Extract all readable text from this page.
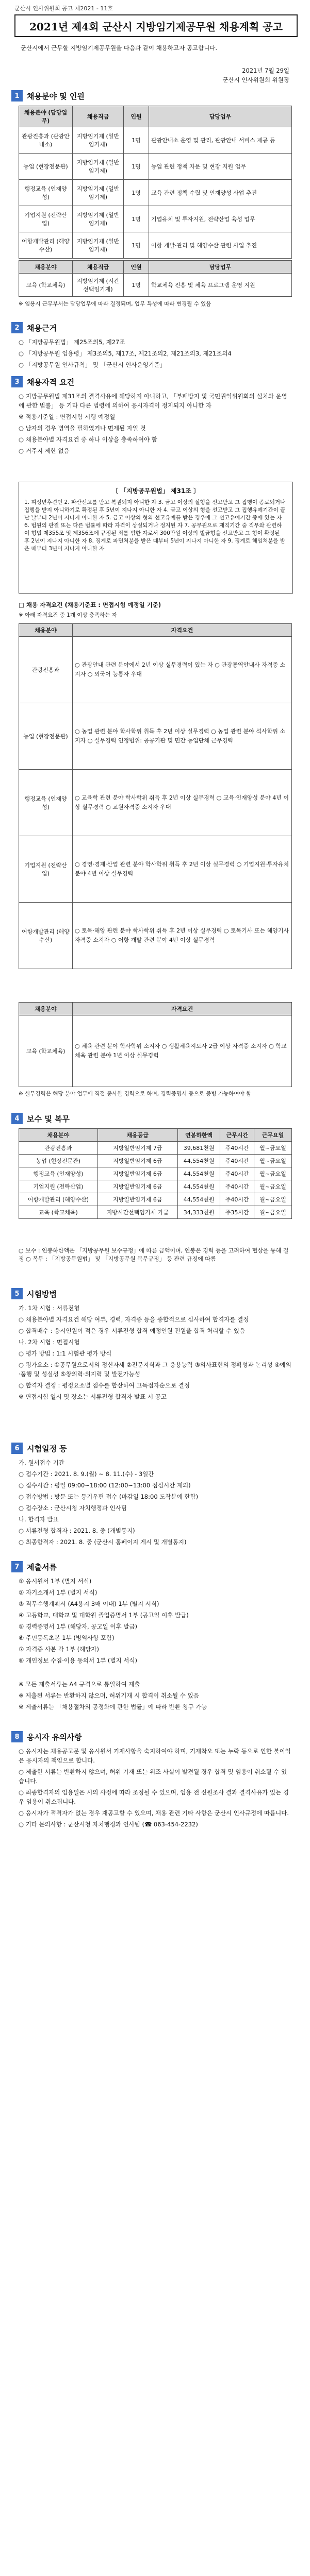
군산시 인사위원회 공고 제2021 - 11호
2021년 제4회 군산시 지방임기제공무원 채용계획 공고
군산시에서 근무할 지방임기제공무원을 다음과 같이 채용하고자 공고합니다.
2021년 7월 29일
군산시 인사위원회 위원장
1 채용분야 및 인원
채용분야 (담당업무)	채용직급	인원	담당업무
관광진흥과 (관광안내소)	지방임기제 (일반임기제)	1명	관광안내소 운영 및 관리, 관광안내 서비스 제공 등
농업 (현장전문관)	지방임기제 (일반임기제)	1명	농업 관련 정책 자문 및 현장 지원 업무
행정교육 (인재양성)	지방임기제 (일반임기제)	1명	교육 관련 정책 수립 및 인재양성 사업 추진
기업지원 (전략산업)	지방임기제 (일반임기제)	1명	기업유치 및 투자지원, 전략산업 육성 업무
어항개발관리 (해양수산)	지방임기제 (일반임기제)	1명	어항 개발·관리 및 해양수산 관련 사업 추진
채용분야	채용직급	인원	담당업무
교육 (학교체육)	지방임기제 (시간선택임기제)	1명	학교체육 진흥 및 체육 프로그램 운영 지원
※ 임용시 근무부서는 담당업무에 따라 결정되며, 업무 특성에 따라 변경될 수 있음
2 채용근거
○ 「지방공무원법」 제25조의5, 제27조
○ 「지방공무원 임용령」 제3조의5, 제17조, 제21조의2, 제21조의3, 제21조의4
○ 「지방공무원 인사규칙」 및 「군산시 인사운영기준」
3 채용자격 요건
○ 지방공무원법 제31조의 결격사유에 해당하지 아니하고, 「부패방지 및 국민권익위원회의 설치와 운영에 관한 법률」 등 기타 다른 법령에 의하여 응시자격이 정지되지 아니한 자
※ 적용기준일 : 면접시험 시행 예정일
○ 남자의 경우 병역을 필하였거나 면제된 자일 것
○ 채용분야별 자격요건 중 하나 이상을 충족하여야 함
○ 거주지 제한 없음
〔 「지방공무원법」 제31조 〕
1. 피성년후견인 2. 파산선고를 받고 복권되지 아니한 자 3. 금고 이상의 실형을 선고받고 그 집행이 종료되거나 집행을 받지 아니하기로 확정된 후 5년이 지나지 아니한 자 4. 금고 이상의 형을 선고받고 그 집행유예기간이 끝난 날부터 2년이 지나지 아니한 자 5. 금고 이상의 형의 선고유예를 받은 경우에 그 선고유예기간 중에 있는 자 6. 법원의 판결 또는 다른 법률에 따라 자격이 상실되거나 정지된 자 7. 공무원으로 재직기간 중 직무와 관련하여 형법 제355조 및 제356조에 규정된 죄를 범한 자로서 300만원 이상의 벌금형을 선고받고 그 형이 확정된 후 2년이 지나지 아니한 자 8. 징계로 파면처분을 받은 때부터 5년이 지나지 아니한 자 9. 징계로 해임처분을 받은 때부터 3년이 지나지 아니한 자
□ 채용 자격요건 (채용기준표 : 면접시험 예정일 기준)
※ 아래 자격요건 중 1개 이상 충족하는 자
채용분야	자격요건
관광진흥과	○ 관광안내 관련 분야에서 2년 이상 실무경력이 있는 자 ○ 관광통역안내사 자격증 소지자 ○ 외국어 능통자 우대
농업 (현장전문관)	○ 농업 관련 분야 학사학위 취득 후 2년 이상 실무경력 ○ 농업 관련 분야 석사학위 소지자 ○ 실무경력 인정범위: 공공기관 및 민간 농업단체 근무경력
행정교육 (인재양성)	○ 교육학 관련 분야 학사학위 취득 후 2년 이상 실무경력 ○ 교육·인재양성 분야 4년 이상 실무경력 ○ 교원자격증 소지자 우대
기업지원 (전략산업)	○ 경영·경제·산업 관련 분야 학사학위 취득 후 2년 이상 실무경력 ○ 기업지원·투자유치 분야 4년 이상 실무경력
어항개발관리 (해양수산)	○ 토목·해양 관련 분야 학사학위 취득 후 2년 이상 실무경력 ○ 토목기사 또는 해양기사 자격증 소지자 ○ 어항 개발 관련 분야 4년 이상 실무경력
채용분야	자격요건
교육 (학교체육)	○ 체육 관련 분야 학사학위 소지자 ○ 생활체육지도사 2급 이상 자격증 소지자 ○ 학교체육 관련 분야 1년 이상 실무경력
※ 실무경력은 해당 분야 업무에 직접 종사한 경력으로 하며, 경력증명서 등으로 증빙 가능하여야 함
4 보수 및 복무
채용분야	채용등급	연봉하한액	근무시간	근무요일
관광진흥과	지방일반임기제 7급	39,681천원	주40시간	월~금요일
농업 (현장전문관)	지방일반임기제 6급	44,554천원	주40시간	월~금요일
행정교육 (인재양성)	지방일반임기제 6급	44,554천원	주40시간	월~금요일
기업지원 (전략산업)	지방일반임기제 6급	44,554천원	주40시간	월~금요일
어항개발관리 (해양수산)	지방일반임기제 6급	44,554천원	주40시간	월~금요일
교육 (학교체육)	지방시간선택임기제 가급	34,333천원	주35시간	월~금요일
○ 보수 : 연봉하한액은 「지방공무원 보수규정」에 따른 금액이며, 연봉은 경력 등을 고려하여 협상을 통해 결정 ○ 복무 : 「지방공무원법」 및 「지방공무원 복무규정」 등 관련 규정에 따름
5 시험방법
가. 1차 시험 : 서류전형
○ 채용분야별 자격요건 해당 여부, 경력, 자격증 등을 종합적으로 심사하여 합격자를 결정
○ 합격배수 : 응시인원이 적은 경우 서류전형 합격 예정인원 전원을 합격 처리할 수 있음
나. 2차 시험 : 면접시험
○ 평가 방법 : 1:1 시험관 평가 방식
○ 평가요소 : ①공무원으로서의 정신자세 ②전문지식과 그 응용능력 ③의사표현의 정확성과 논리성 ④예의·품행 및 성실성 ⑤창의력·의지력 및 발전가능성
○ 합격자 결정 : 평정요소별 점수를 합산하여 고득점자순으로 결정
※ 면접시험 일시 및 장소는 서류전형 합격자 발표 시 공고
6 시험일정 등
가. 원서접수 기간
○ 접수기간 : 2021. 8. 9.(월) ~ 8. 11.(수) - 3일간
○ 접수시간 : 평일 09:00~18:00 (12:00~13:00 점심시간 제외)
○ 접수방법 : 방문 또는 등기우편 접수 (마감일 18:00 도착분에 한함)
○ 접수장소 : 군산시청 자치행정과 인사팀
나. 합격자 발표
○ 서류전형 합격자 : 2021. 8. 중 (개별통지)
○ 최종합격자 : 2021. 8. 중 (군산시 홈페이지 게시 및 개별통지)
7 제출서류
① 응시원서 1부 (별지 서식)
② 자기소개서 1부 (별지 서식)
③ 직무수행계획서 (A4용지 3매 이내) 1부 (별지 서식)
④ 고등학교, 대학교 및 대학원 졸업증명서 1부 (공고일 이후 발급)
⑤ 경력증명서 1부 (해당자, 공고일 이후 발급)
⑥ 주민등록초본 1부 (병역사항 포함)
⑦ 자격증 사본 각 1부 (해당자)
⑧ 개인정보 수집·이용 동의서 1부 (별지 서식)
※ 모든 제출서류는 A4 규격으로 통일하여 제출
※ 제출된 서류는 반환하지 않으며, 허위기재 시 합격이 취소될 수 있음
※ 제출서류는 「채용절차의 공정화에 관한 법률」에 따라 반환 청구 가능
8 응시자 유의사항
○ 응시자는 채용공고문 및 응시원서 기재사항을 숙지하여야 하며, 기재착오 또는 누락 등으로 인한 불이익은 응시자의 책임으로 합니다.
○ 제출한 서류는 반환하지 않으며, 허위 기재 또는 위조 사실이 발견될 경우 합격 및 임용이 취소될 수 있습니다.
○ 최종합격자의 임용일은 시의 사정에 따라 조정될 수 있으며, 임용 전 신원조사 결과 결격사유가 있는 경우 임용이 취소됩니다.
○ 응시자가 적격자가 없는 경우 재공고할 수 있으며, 채용 관련 기타 사항은 군산시 인사규정에 따릅니다.
○ 기타 문의사항 : 군산시청 자치행정과 인사팀 (☎ 063-454-2232)
